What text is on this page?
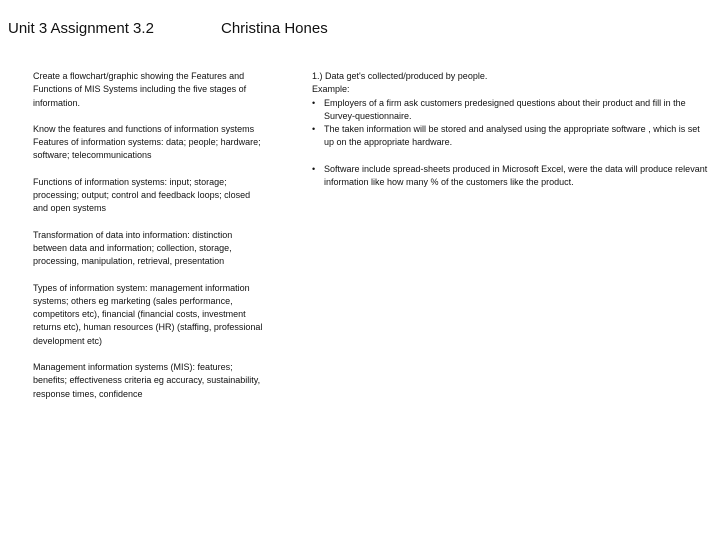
Unit 3 Assignment 3.2	Christina Hones

Create a flowchart/graphic showing the Features and Functions of MIS Systems including the five stages of information.

Know the features and functions of information systems
Features of information systems: data; people; hardware; software; telecommunications

Functions of information systems: input; storage; processing; output; control and feedback loops; closed and open systems

Transformation of data into information: distinction between data and information; collection, storage, processing, manipulation, retrieval, presentation

Types of information system: management information systems; others eg marketing (sales performance, competitors etc), financial (financial costs, investment returns etc), human resources (HR) (staffing, professional development etc)

Management information systems (MIS): features; benefits; effectiveness criteria eg accuracy, sustainability, response times, confidence

1.) Data get's collected/produced by people.
Example:
• Employers of a firm ask customers predesigned questions about their product and fill in the Survey-questionnaire.
• The taken information will be stored and analysed using the appropriate software , which is set up on the appropriate hardware.
• Software include spread-sheets produced in Microsoft Excel, were the data will produce relevant information like how many % of the customers like the product.
